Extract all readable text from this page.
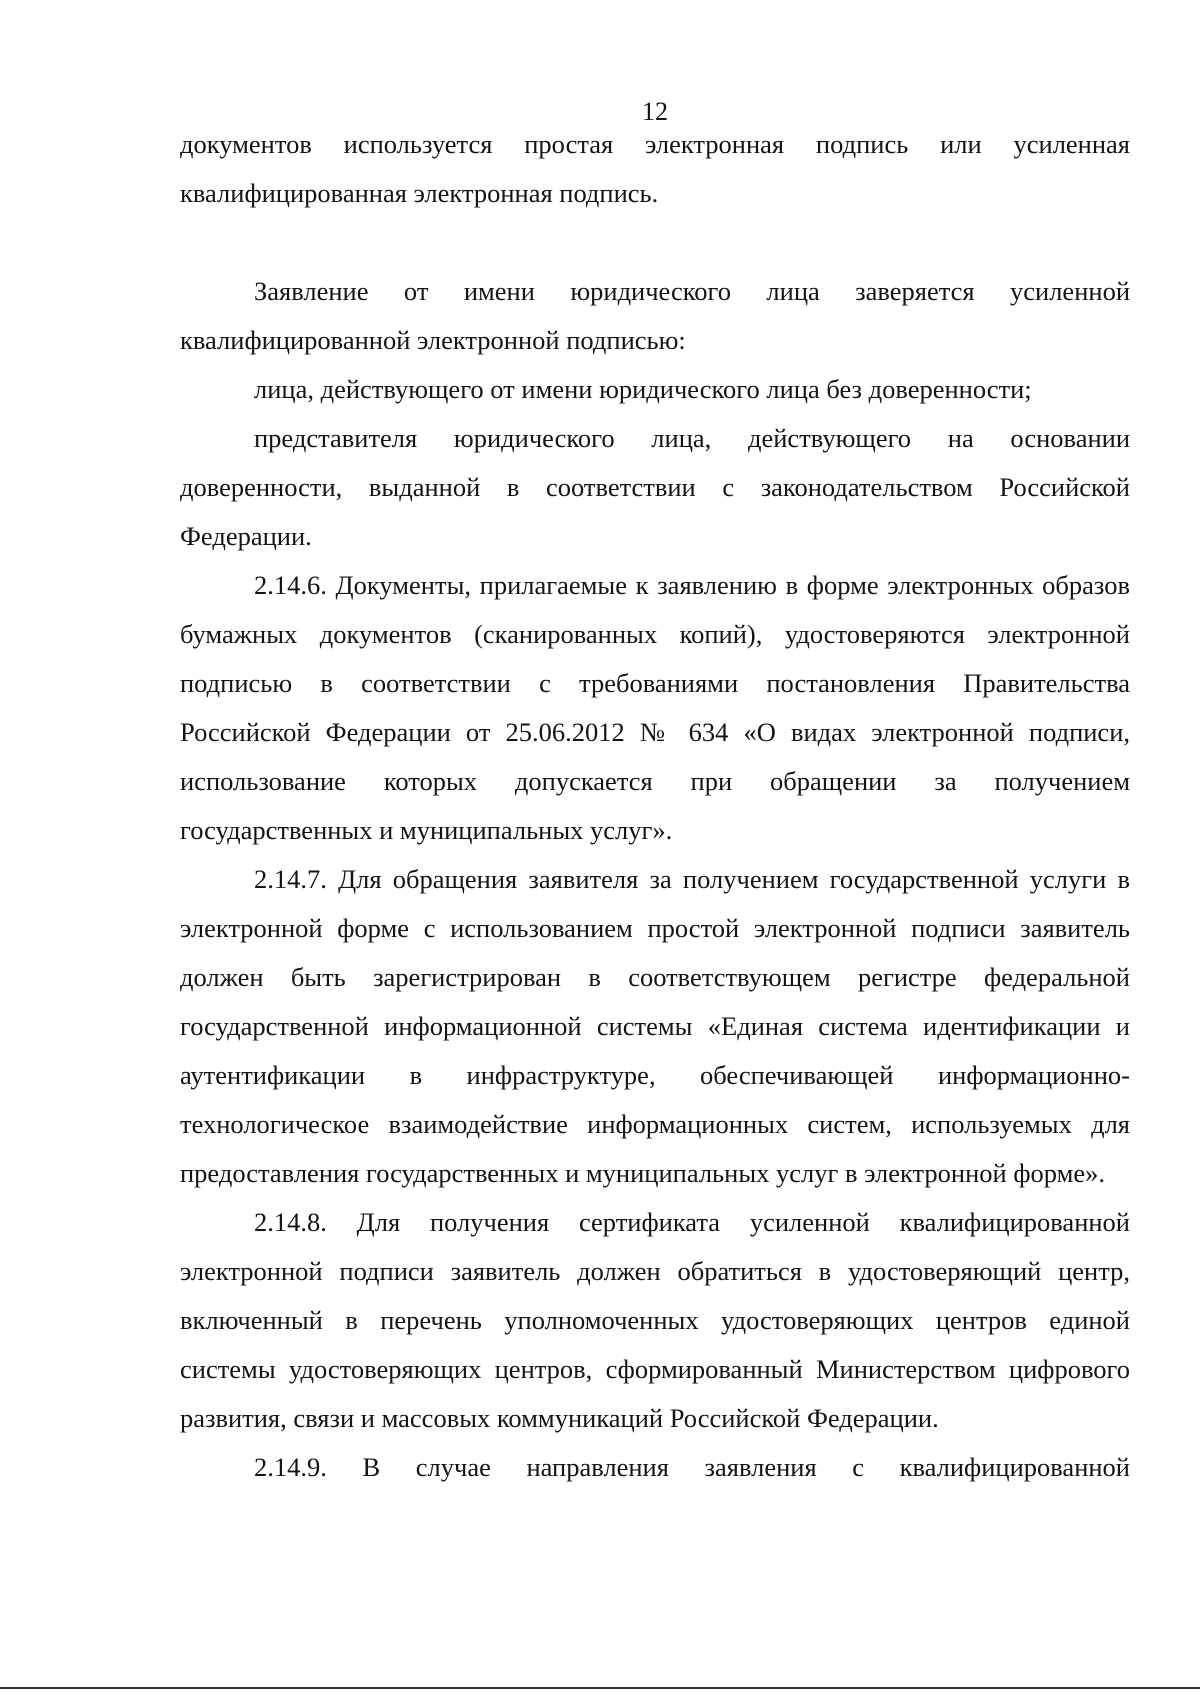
12

документов используется простая электронная подпись или усиленная квалифицированная электронная подпись.

Заявление от имени юридического лица заверяется усиленной квалифицированной электронной подписью:

лица, действующего от имени юридического лица без доверенности;

представителя юридического лица, действующего на основании доверенности, выданной в соответствии с законодательством Российской Федерации.

2.14.6. Документы, прилагаемые к заявлению в форме электронных образов бумажных документов (сканированных копий), удостоверяются электронной подписью в соответствии с требованиями постановления Правительства Российской Федерации от 25.06.2012 № 634 «О видах электронной подписи, использование которых допускается при обращении за получением государственных и муниципальных услуг».

2.14.7. Для обращения заявителя за получением государственной услуги в электронной форме с использованием простой электронной подписи заявитель должен быть зарегистрирован в соответствующем регистре федеральной государственной информационной системы «Единая система идентификации и аутентификации в инфраструктуре, обеспечивающей информационно-технологическое взаимодействие информационных систем, используемых для предоставления государственных и муниципальных услуг в электронной форме».

2.14.8. Для получения сертификата усиленной квалифицированной электронной подписи заявитель должен обратиться в удостоверяющий центр, включенный в перечень уполномоченных удостоверяющих центров единой системы удостоверяющих центров, сформированный Министерством цифрового развития, связи и массовых коммуникаций Российской Федерации.

2.14.9. В случае направления заявления с квалифицированной
